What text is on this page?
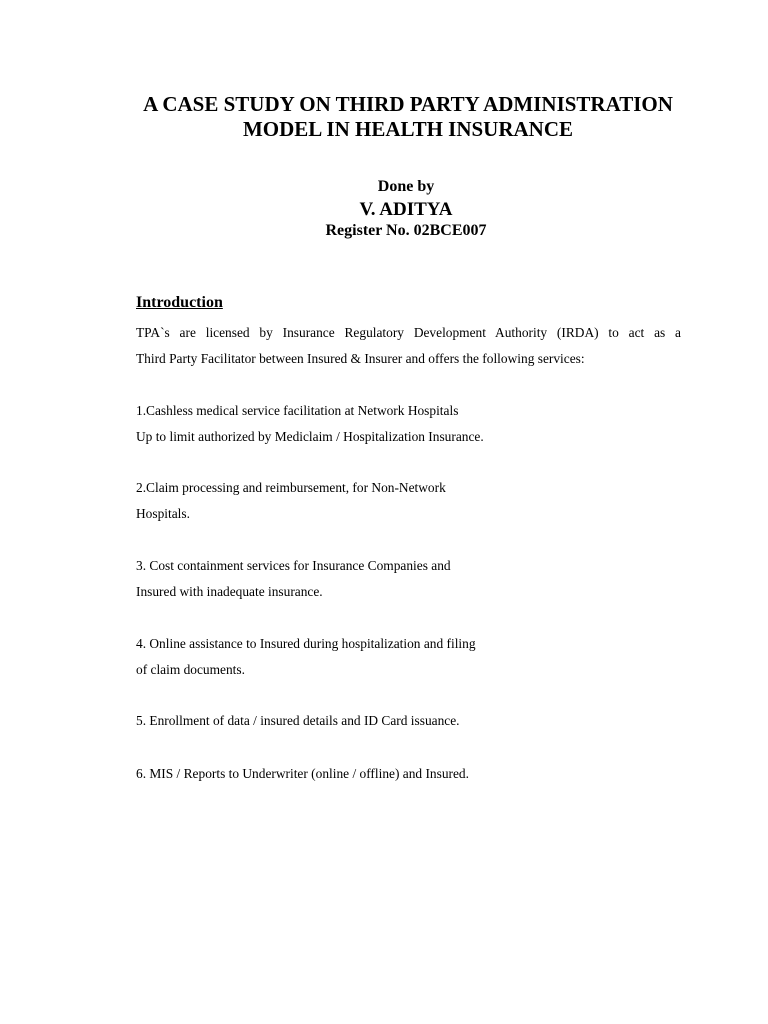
A CASE STUDY ON THIRD PARTY ADMINISTRATION
MODEL IN HEALTH INSURANCE
Done by
V. ADITYA
Register No. 02BCE007
Introduction
TPA`s are licensed by Insurance Regulatory Development Authority (IRDA) to act as a
Third Party Facilitator between Insured & Insurer and offers the following services:
1.Cashless medical service facilitation at Network Hospitals
Up to limit authorized by Mediclaim / Hospitalization Insurance.
2.Claim processing and reimbursement, for Non-Network
Hospitals.
3. Cost containment services for Insurance Companies and
Insured with inadequate insurance.
4. Online assistance to Insured during hospitalization and filing
of claim documents.
5. Enrollment of data / insured details and ID Card issuance.
6. MIS / Reports to Underwriter (online / offline) and Insured.
